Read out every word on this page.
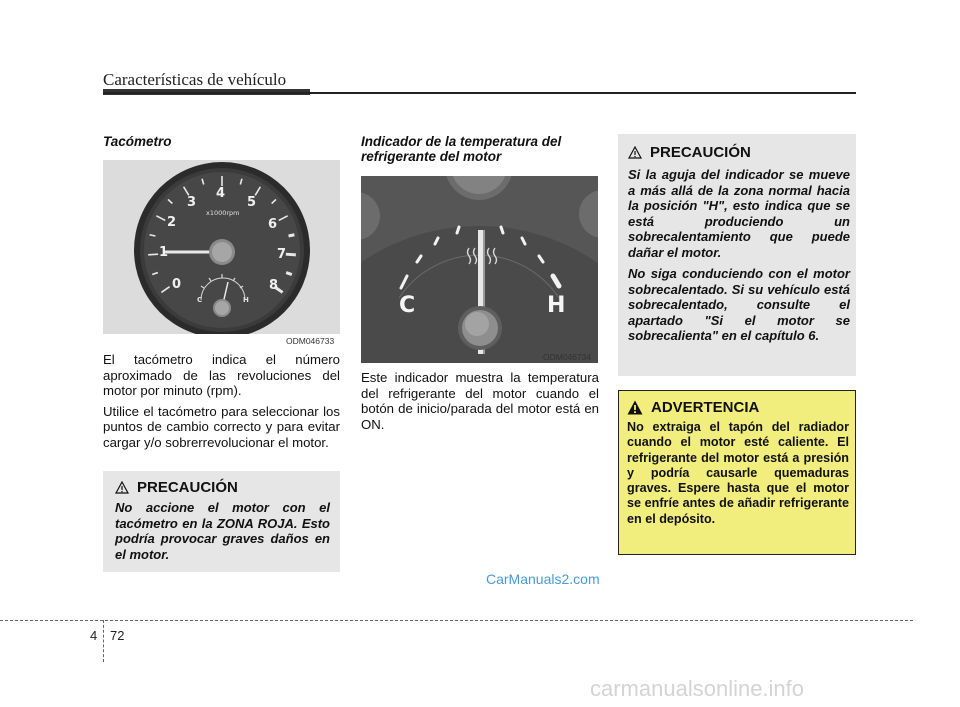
Características de vehículo
Tacómetro
0
1
2
3
4
5
6
7
8
x1000rpm
C	H
ODM046733

El tacómetro indica el número aproximado de las revoluciones del motor por minuto (rpm).

Utilice el tacómetro para seleccionar los puntos de cambio correcto y para evitar cargar y/o sobrerrevolucionar el motor.

PRECAUCIÓN
No accione el motor con el tacómetro en la ZONA ROJA. Esto podría provocar graves daños en el motor.
Indicador de la temperatura del
refrigerante del motor
C	H
ODM046734
Este indicador muestra la temperatura del refrigerante del motor cuando el botón de inicio/parada del motor está en ON.
PRECAUCIÓN

Si la aguja del indicador se mueve a más allá de la zona normal hacia la posición "H", esto indica que se está produciendo un sobrecalentamiento que puede dañar el motor.

No siga conduciendo con el motor sobrecalentado. Si su vehículo está sobrecalentado, consulte el apartado "Si el motor se sobrecalienta" en el capítulo 6.

ADVERTENCIA
No extraiga el tapón del radiador cuando el motor esté caliente. El refrigerante del motor está a presión y podría causarle quemaduras graves. Espere hasta que el motor se enfríe antes de añadir refrigerante en el depósito.
CarManuals2.com
4 72
carmanualsonline.info
